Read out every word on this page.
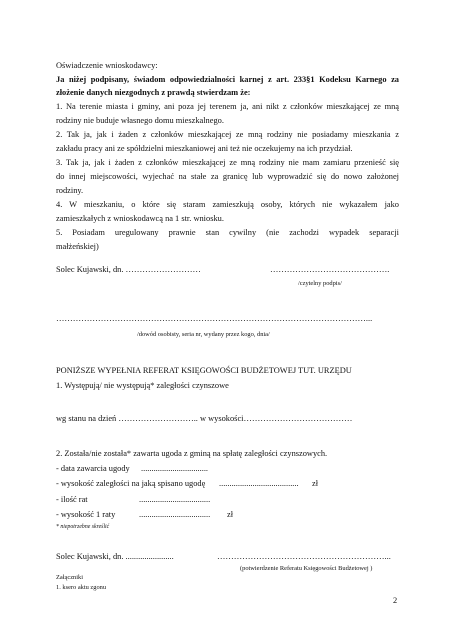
Oświadczenie wnioskodawcy:
Ja niżej podpisany, świadom odpowiedzialności karnej z art. 233§1 Kodeksu Karnego za
złożenie danych niezgodnych z prawdą stwierdzam że:
1. Na terenie miasta i gminy, ani poza jej terenem ja, ani nikt z członków mieszkającej ze mną
rodziny nie buduje własnego domu mieszkalnego.
2. Tak ja, jak i żaden z członków mieszkającej ze mną rodziny nie posiadamy mieszkania z
zakładu pracy ani ze spółdzielni mieszkaniowej ani też nie oczekujemy na ich przydział.
3. Tak ja, jak i żaden z członków mieszkającej ze mną rodziny nie mam zamiaru przenieść się
do innej miejscowości, wyjechać na stałe za granicę lub wyprowadzić się do nowo założonej
rodziny.
4. W mieszkaniu, o które się staram zamieszkują osoby, których nie wykazałem jako
zamieszkałych z wnioskodawcą na 1 str. wniosku.
5. Posiadam uregulowany prawnie stan cywilny (nie zachodzi wypadek separacji
małżeńskiej)
Solec Kujawski, dn. ………………………	…………………………………….
/czytelny podpis/
…………………………………………………………………………………………………...
/dowód osobisty, seria nr, wydany przez kogo, dnia/
PONIŻSZE WYPEŁNIA REFERAT KSIĘGOWOŚCI BUDŻETOWEJ TUT. URZĘDU
1. Występują/ nie występują* zaległości czynszowe
wg stanu na dzień ……………………….. w wysokości…………………………………
2. Została/nie została* zawarta ugoda z gminą na spłatę zaległości czynszowych.
- data zawarcia ugody ................................
- wysokość zaległości na jaką spisano ugodę ...................................... zł
- ilość rat	..................................
- wysokość 1 raty	.................................. zł
* niepotrzebne skreślić
Solec Kujawski, dn. .......................	……………………………………………………...
(potwierdzenie Referatu Księgowości Budżetowej )
Załączniki
1. ksero aktu zgonu
2
